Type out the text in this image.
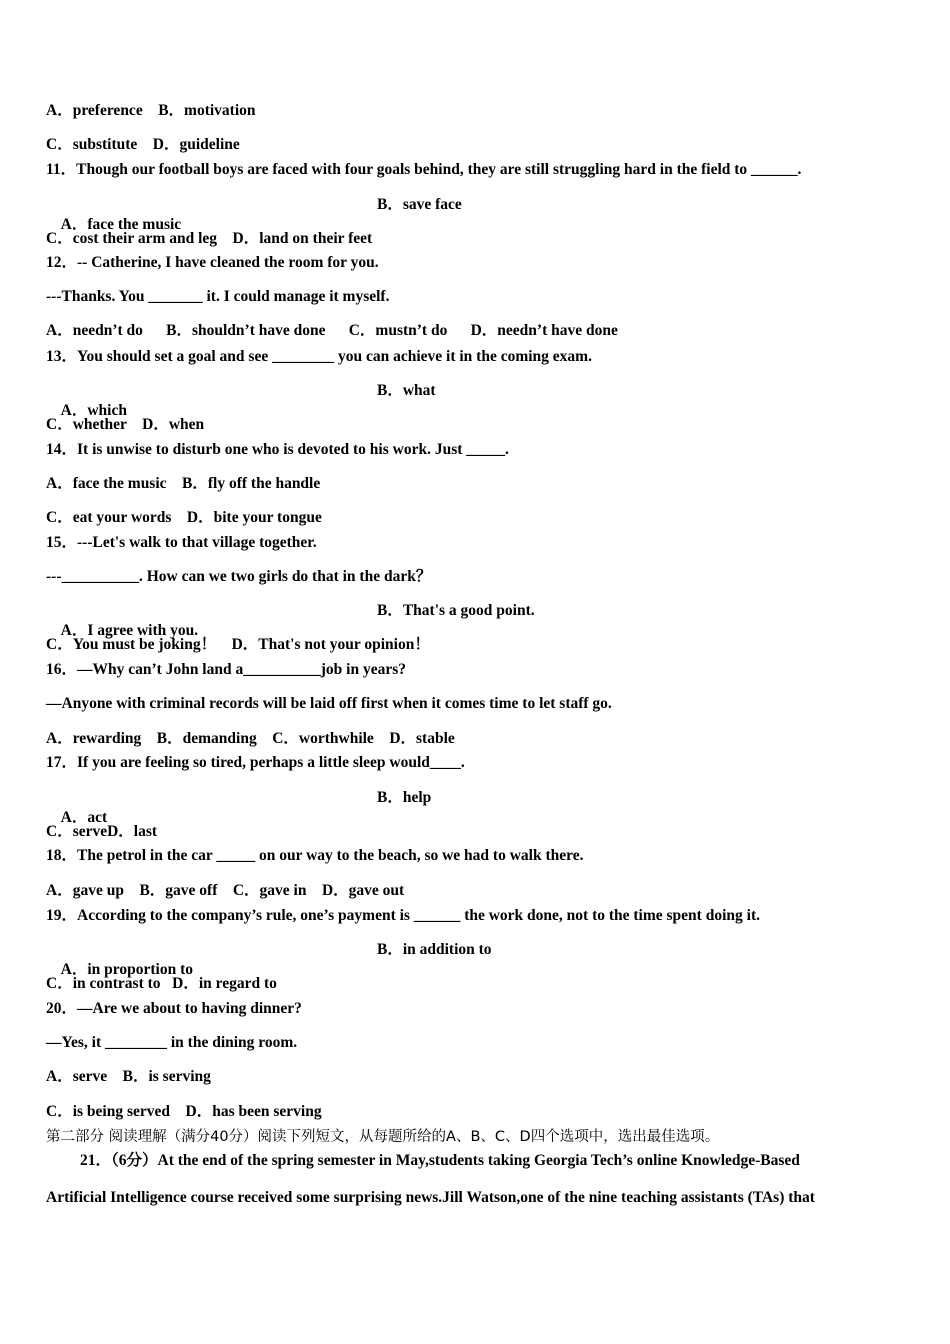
A．preference    B．motivation
C．substitute    D．guideline
11．Though our football boys are faced with four goals behind, they are still struggling hard in the field to ______.

A．face the music

B．save face

C．cost their arm and leg    D．land on their feet
12．-- Catherine, I have cleaned the room for you.
---Thanks. You _______ it. I could manage it myself.
A．needn’t do      B．shouldn’t have done      C．mustn’t do      D．needn’t have done
13．You should set a goal and see ________ you can achieve it in the coming exam.

A．which

B．what

C．whether    D．when
14．It is unwise to disturb one who is devoted to his work. Just _____.
A．face the music    B．fly off the handle
C．eat your words    D．bite your tongue
15．---Let's walk to that village together.
---__________. How can we two girls do that in the dark？

A．I agree with you.

B．That's a good point.

C．You must be joking！    D．That's not your opinion！
16．—Why can’t John land a__________job in years?
—Anyone with criminal records will be laid off first when it comes time to let staff go.
A．rewarding    B．demanding    C．worthwhile    D．stable
17．If you are feeling so tired, perhaps a little sleep would____.

A．act

B．help

C．serveD．last
18．The petrol in the car _____ on our way to the beach, so we had to walk there.
A．gave up    B．gave off    C．gave in    D．gave out
19．According to the company’s rule, one’s payment is ______ the work done, not to the time spent doing it.

A．in proportion to

B．in addition to

C．in contrast to   D．in regard to
20．—Are we about to having dinner?
—Yes, it ________ in the dining room.
A．serve    B．is serving
C．is being served    D．has been serving
第二部分 阅读理解（满分40分）阅读下列短文，从每题所给的A、B、C、D四个选项中，选出最佳选项。
21．（6分）At the end of the spring semester in May,students taking Georgia Tech’s online Knowledge-Based
Artificial Intelligence course received some surprising news.Jill Watson,one of the nine teaching assistants (TAs) that
